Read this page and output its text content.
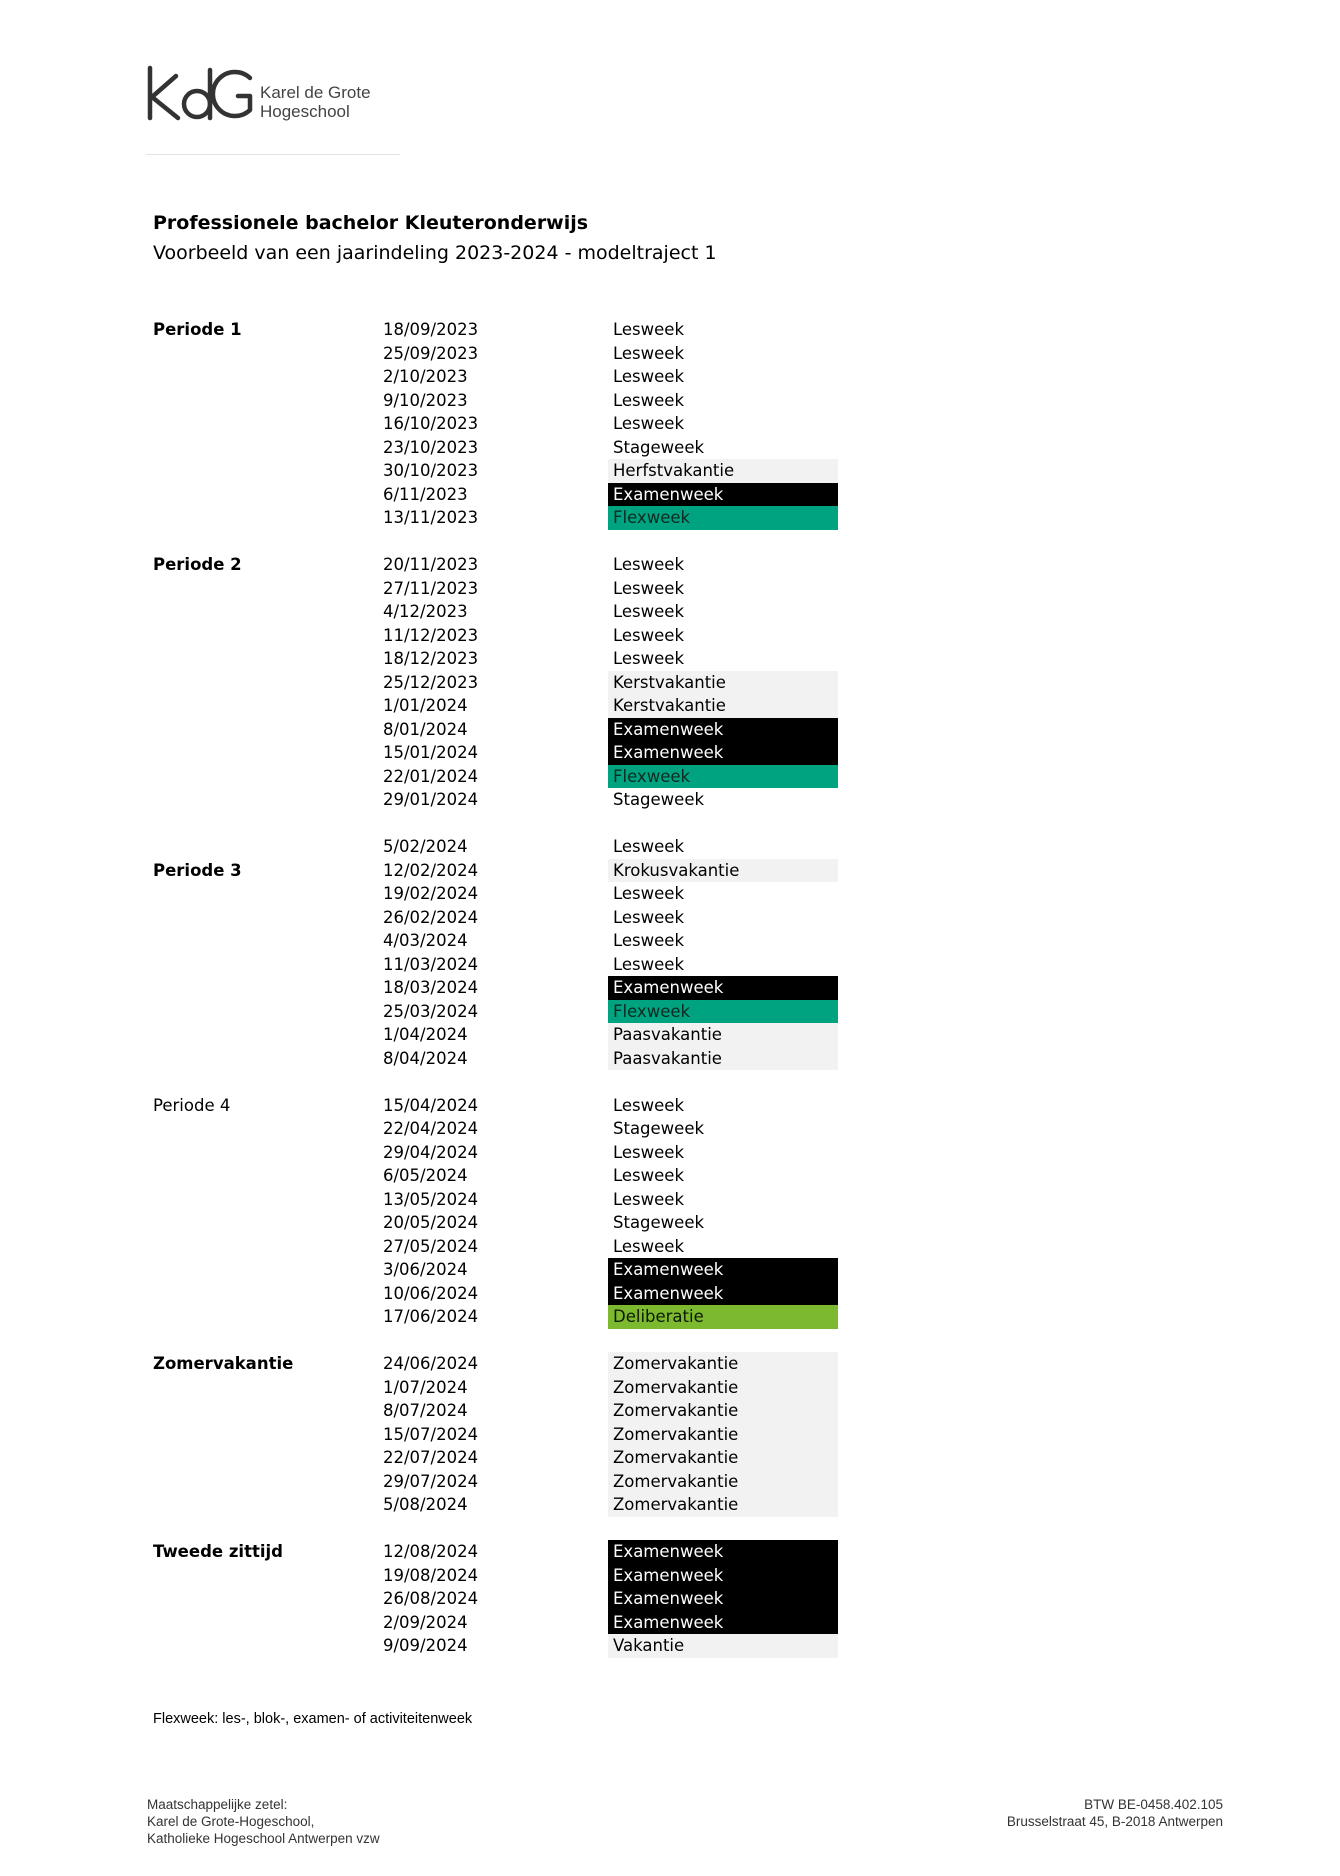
Karel de Grote
Hogeschool
Professionele bachelor Kleuteronderwijs
Voorbeeld van een jaarindeling 2023-2024 - modeltraject 1
Periode 1	18/09/2023	Lesweek
25/09/2023	Lesweek
2/10/2023	Lesweek
9/10/2023	Lesweek
16/10/2023	Lesweek
23/10/2023	Stageweek
30/10/2023	Herfstvakantie
6/11/2023	Examenweek
13/11/2023	Flexweek
Periode 2	20/11/2023	Lesweek
27/11/2023	Lesweek
4/12/2023	Lesweek
11/12/2023	Lesweek
18/12/2023	Lesweek
25/12/2023	Kerstvakantie
1/01/2024	Kerstvakantie
8/01/2024	Examenweek
15/01/2024	Examenweek
22/01/2024	Flexweek
29/01/2024	Stageweek
5/02/2024	Lesweek
Periode 3	12/02/2024	Krokusvakantie
19/02/2024	Lesweek
26/02/2024	Lesweek
4/03/2024	Lesweek
11/03/2024	Lesweek
18/03/2024	Examenweek
25/03/2024	Flexweek
1/04/2024	Paasvakantie
8/04/2024	Paasvakantie
Periode 4	15/04/2024	Lesweek
22/04/2024	Stageweek
29/04/2024	Lesweek
6/05/2024	Lesweek
13/05/2024	Lesweek
20/05/2024	Stageweek
27/05/2024	Lesweek
3/06/2024	Examenweek
10/06/2024	Examenweek
17/06/2024	Deliberatie
Zomervakantie	24/06/2024	Zomervakantie
1/07/2024	Zomervakantie
8/07/2024	Zomervakantie
15/07/2024	Zomervakantie
22/07/2024	Zomervakantie
29/07/2024	Zomervakantie
5/08/2024	Zomervakantie
Tweede zittijd	12/08/2024	Examenweek
19/08/2024	Examenweek
26/08/2024	Examenweek
2/09/2024	Examenweek
9/09/2024	Vakantie
Flexweek: les-, blok-, examen- of activiteitenweek
Maatschappelijke zetel:
Karel de Grote-Hogeschool,
Katholieke Hogeschool Antwerpen vzw
BTW BE-0458.402.105
Brusselstraat 45, B-2018 Antwerpen
